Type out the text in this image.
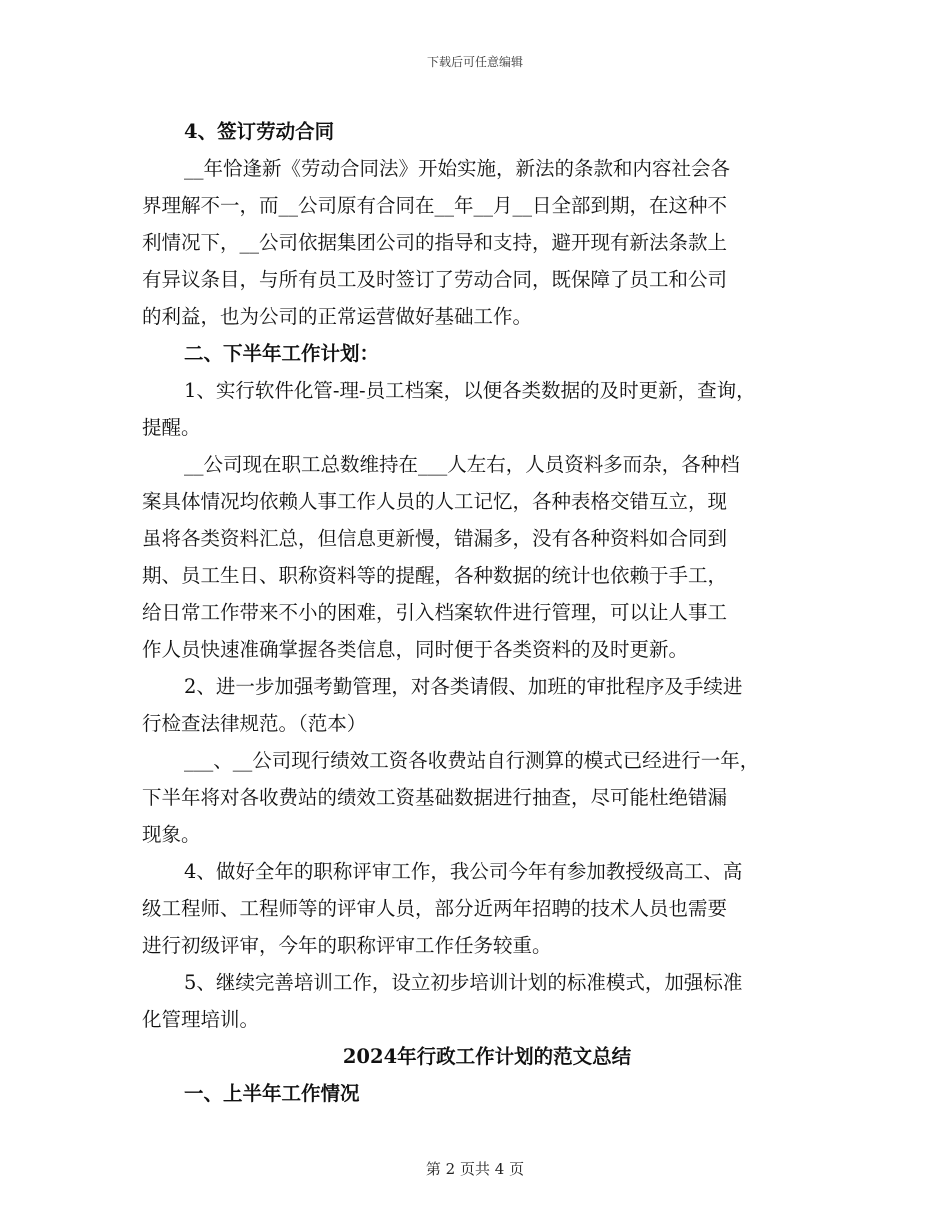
下载后可任意编辑

4、签订劳动合同

__年恰逢新《劳动合同法》开始实施，新法的条款和内容社会各

界理解不一，而__公司原有合同在__年__月__日全部到期，在这种不

利情况下，__公司依据集团公司的指导和支持，避开现有新法条款上

有异议条目，与所有员工及时签订了劳动合同，既保障了员工和公司

的利益，也为公司的正常运营做好基础工作。

二、下半年工作计划：

1、实行软件化管-理-员工档案，以便各类数据的及时更新，查询，

提醒。

__公司现在职工总数维持在___人左右，人员资料多而杂，各种档

案具体情况均依赖人事工作人员的人工记忆，各种表格交错互立，现

虽将各类资料汇总，但信息更新慢，错漏多，没有各种资料如合同到

期、员工生日、职称资料等的提醒，各种数据的统计也依赖于手工，

给日常工作带来不小的困难，引入档案软件进行管理，可以让人事工

作人员快速准确掌握各类信息，同时便于各类资料的及时更新。

2、进一步加强考勤管理，对各类请假、加班的审批程序及手续进

行检查法律规范。（范本）

___、__公司现行绩效工资各收费站自行测算的模式已经进行一年，

下半年将对各收费站的绩效工资基础数据进行抽查，尽可能杜绝错漏

现象。

4、做好全年的职称评审工作，我公司今年有参加教授级高工、高

级工程师、工程师等的评审人员，部分近两年招聘的技术人员也需要

进行初级评审，今年的职称评审工作任务较重。

5、继续完善培训工作，设立初步培训计划的标准模式，加强标准

化管理培训。

2024年行政工作计划的范文总结

一、上半年工作情况

第 2 页共 4 页
